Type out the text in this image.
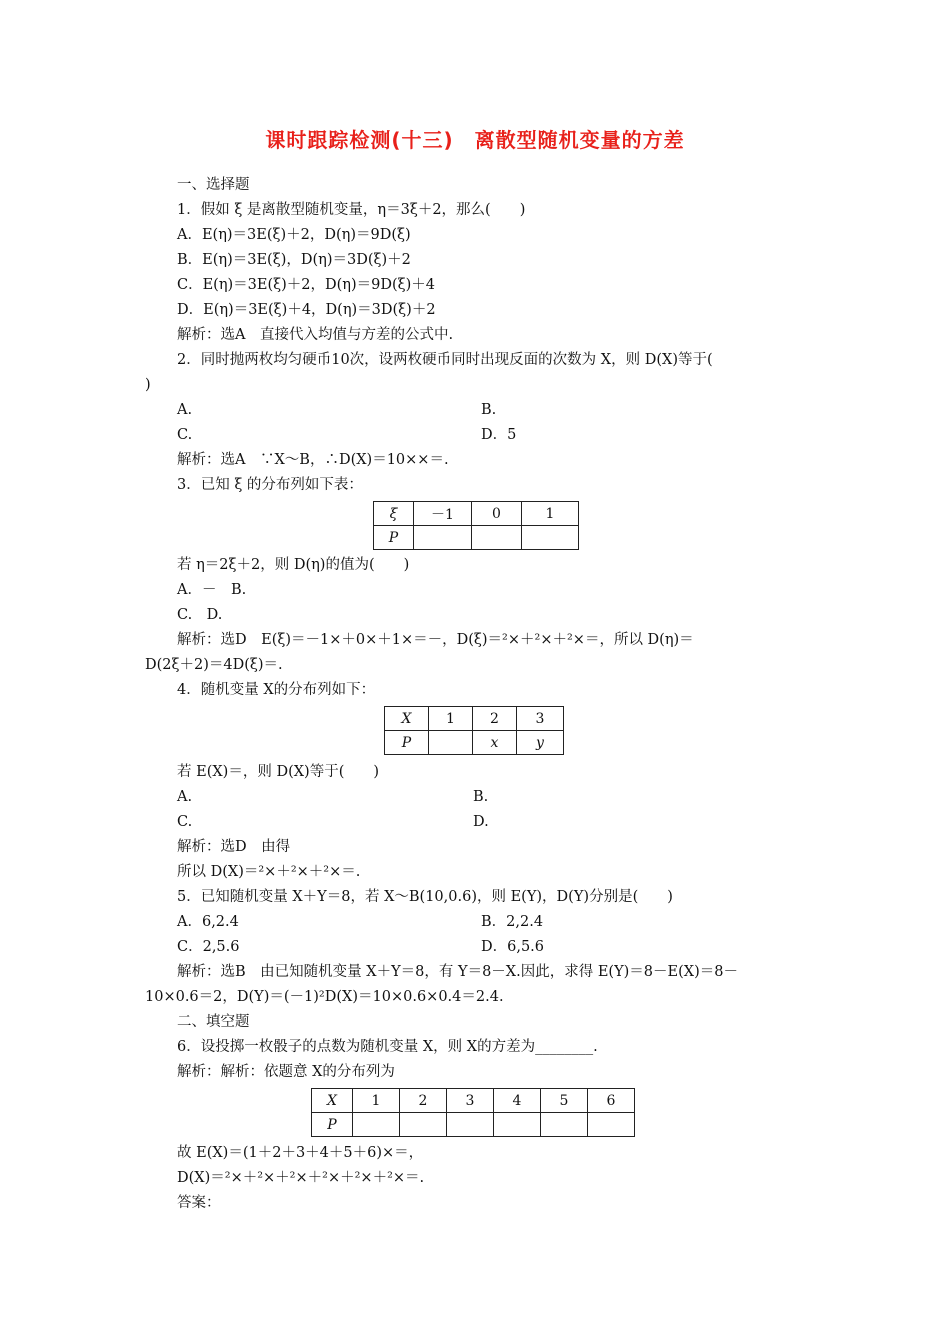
课时跟踪检测(十三)　离散型随机变量的方差
一、选择题
1．假如 ξ 是离散型随机变量，η＝3ξ＋2，那么(　　)
A．E(η)＝3E(ξ)＋2，D(η)＝9D(ξ)
B．E(η)＝3E(ξ)，D(η)＝3D(ξ)＋2
C．E(η)＝3E(ξ)＋2，D(η)＝9D(ξ)＋4
D．E(η)＝3E(ξ)＋4，D(η)＝3D(ξ)＋2
解析：选A　直接代入均值与方差的公式中.
2．同时抛两枚均匀硬币10次，设两枚硬币同时出现反面的次数为 X，则 D(X)等于(
)
A.	B.
C.	D．5
解析：选A　∵X～B，∴D(X)＝10××＝.
3．已知 ξ 的分布列如下表：
ξ	－1	0	1
P			
若 η＝2ξ＋2，则 D(η)的值为(　　)
A．－　B.
C.　D.
解析：选D　E(ξ)＝－1×＋0×＋1×＝－，D(ξ)＝²×＋²×＋²×＝，所以 D(η)＝
D(2ξ＋2)＝4D(ξ)＝.
4．随机变量 X的分布列如下：
X	1	2	3
P		x	y
若 E(X)＝，则 D(X)等于(　　)
A.	B.
C.	D.
解析：选D　由得
所以 D(X)＝²×＋²×＋²×＝.
5．已知随机变量 X＋Y＝8，若 X～B(10,0.6)，则 E(Y)，D(Y)分别是(　　)
A．6,2.4	B．2,2.4
C．2,5.6	D．6,5.6
解析：选B　由已知随机变量 X＋Y＝8，有 Y＝8－X.因此，求得 E(Y)＝8－E(X)＝8－
10×0.6＝2，D(Y)＝(－1)²D(X)＝10×0.6×0.4＝2.4.
二、填空题
6．设投掷一枚骰子的点数为随机变量 X，则 X的方差为________.
解析：解析：依题意 X的分布列为
X	1	2	3	4	5	6
P						
故 E(X)＝(1＋2＋3＋4＋5＋6)×＝，
D(X)＝²×＋²×＋²×＋²×＋²×＋²×＝.
答案：
